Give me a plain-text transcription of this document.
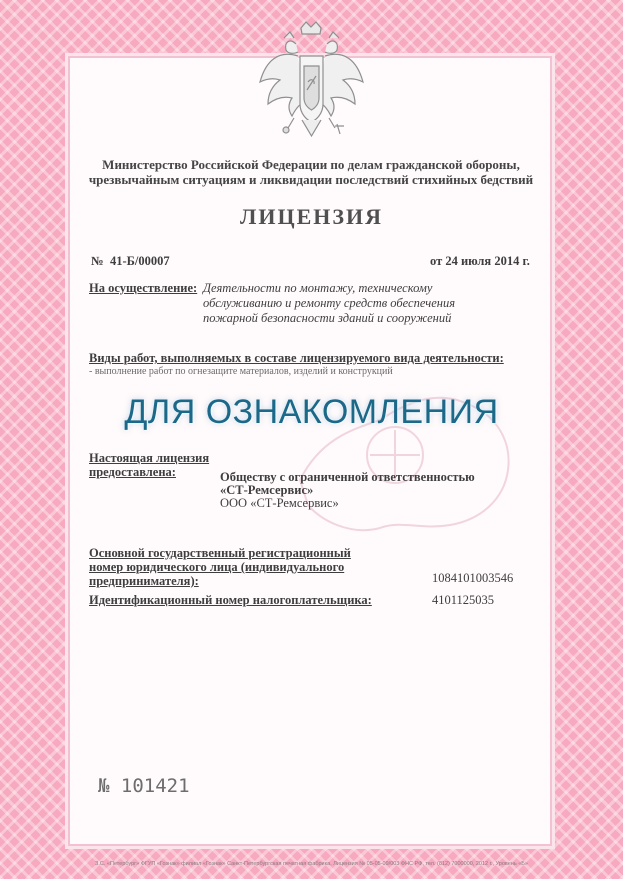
Министерство Российской Федерации по делам гражданской обороны,
чрезвычайным ситуациям и ликвидации последствий стихийных бедствий
ЛИЦЕНЗИЯ
№ 41-Б/00007	от 24 июля 2014 г.
На осуществление: Деятельности по монтажу, техническому
обслуживанию и ремонту средств обеспечения
пожарной безопасности зданий и сооружений
Виды работ, выполняемых в составе лицензируемого вида деятельности:
- выполнение работ по огнезащите материалов, изделий и конструкций
ДЛЯ ОЗНАКОМЛЕНИЯ
Настоящая лицензия
предоставлена:	Обществу с ограниченной ответственностью
«СТ-Ремсервис»
ООО «СТ-Ремсервис»
Основной государственный регистрационный
номер юридического лица (индивидуального
предпринимателя):	1084101003546
Идентификационный номер налогоплательщика:	4101125035
№ 101421
З.С. «Петербург» ФГУП «Гознак» филиал «Гознак» Санкт-Петербургская печатная фабрика, Лицензия № 05-05-09/003 ФНС РФ, тел. (812) 7000000, 2012 г., Уровень «Б»
